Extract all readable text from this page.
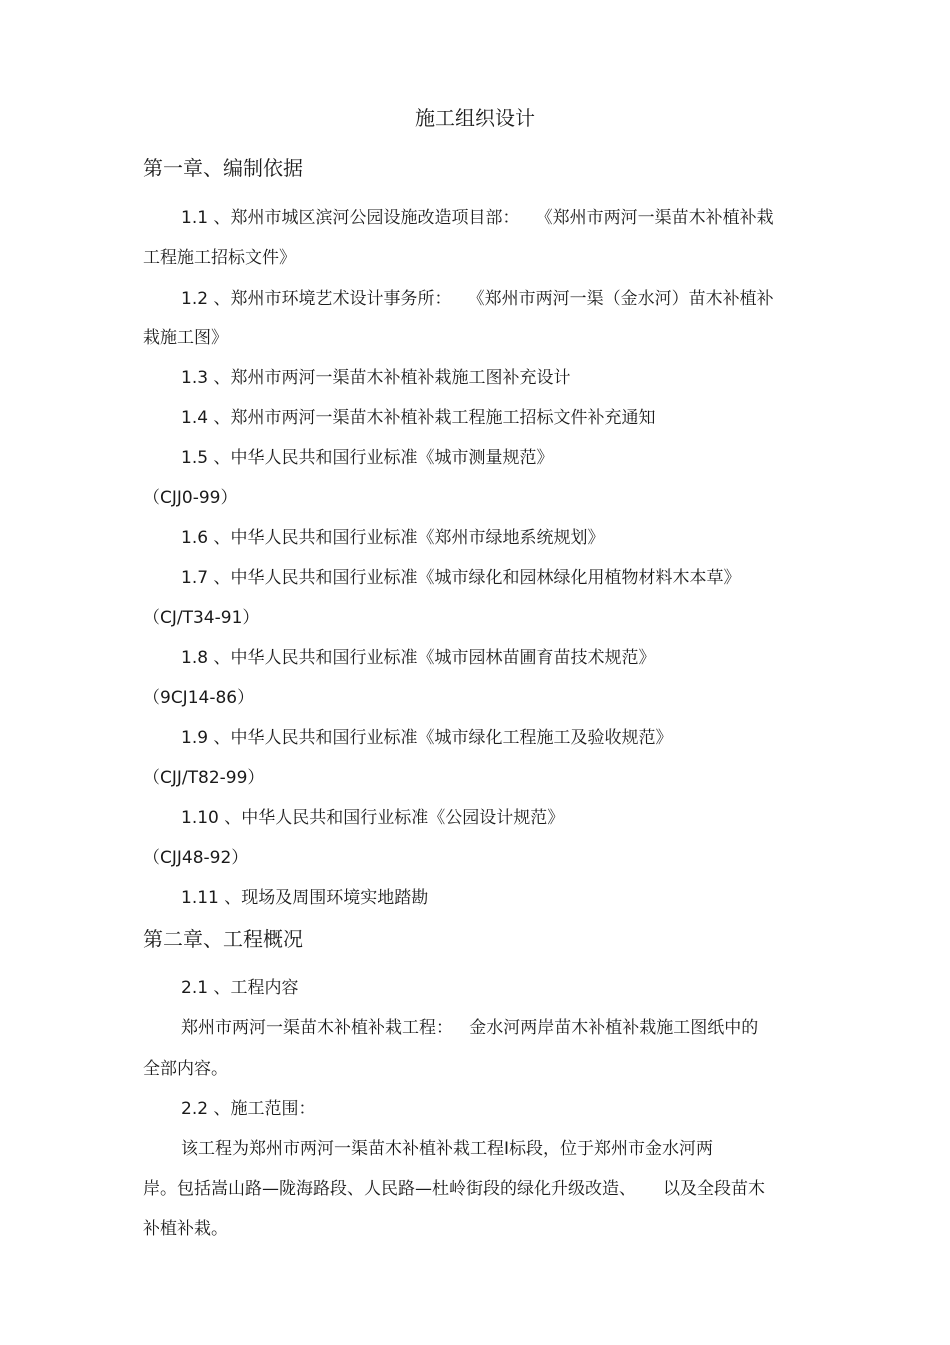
施工组织设计
第一章、编制依据
1.1 、郑州市城区滨河公园设施改造项目部：   《郑州市两河一渠苗木补植补栽
工程施工招标文件》
1.2 、郑州市环境艺术设计事务所：   《郑州市两河一渠（金水河）苗木补植补
栽施工图》
1.3 、郑州市两河一渠苗木补植补栽施工图补充设计
1.4 、郑州市两河一渠苗木补植补栽工程施工招标文件补充通知
1.5 、中华人民共和国行业标准《城市测量规范》
（CJJ0-99）
1.6 、中华人民共和国行业标准《郑州市绿地系统规划》
1.7 、中华人民共和国行业标准《城市绿化和园林绿化用植物材料木本草》
（CJ/T34-91）
1.8 、中华人民共和国行业标准《城市园林苗圃育苗技术规范》
（9CJ14-86）
1.9 、中华人民共和国行业标准《城市绿化工程施工及验收规范》
（CJJ/T82-99）
1.10 、中华人民共和国行业标准《公园设计规范》
（CJJ48-92）
1.11 、现场及周围环境实地踏勘
第二章、工程概况
2.1 、工程内容
郑州市两河一渠苗木补植补栽工程：   金水河两岸苗木补植补栽施工图纸中的
全部内容。
2.2 、施工范围：
该工程为郑州市两河一渠苗木补植补栽工程Ⅰ标段，位于郑州市金水河两
岸。包括嵩山路—陇海路段、人民路—杜岭街段的绿化升级改造、     以及全段苗木
补植补栽。
